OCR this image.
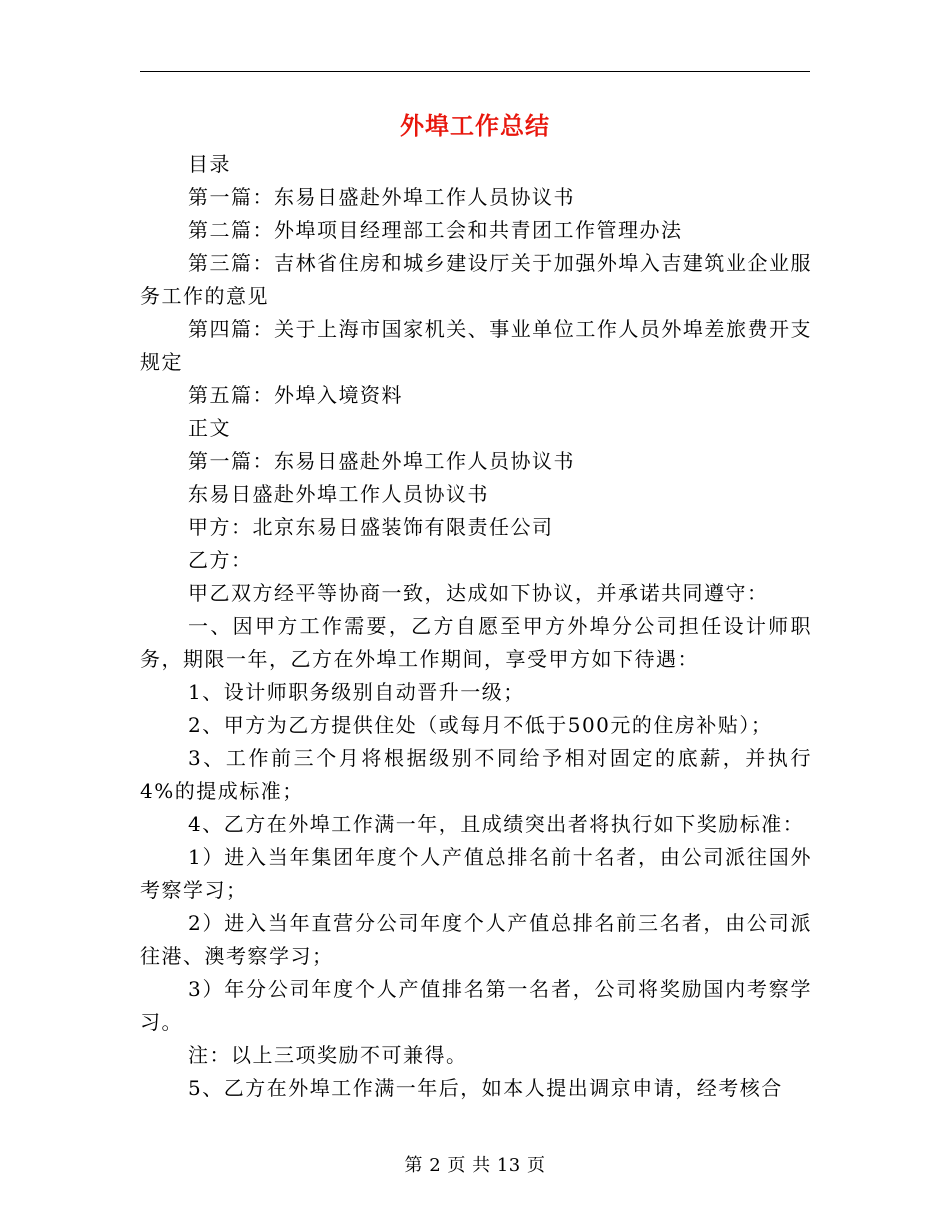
外埠工作总结

目录

第一篇：东易日盛赴外埠工作人员协议书

第二篇：外埠项目经理部工会和共青团工作管理办法

第三篇：吉林省住房和城乡建设厅关于加强外埠入吉建筑业企业服务工作的意见

第四篇：关于上海市国家机关、事业单位工作人员外埠差旅费开支规定

第五篇：外埠入境资料

正文

第一篇：东易日盛赴外埠工作人员协议书

东易日盛赴外埠工作人员协议书

甲方：北京东易日盛装饰有限责任公司

乙方：

甲乙双方经平等协商一致，达成如下协议，并承诺共同遵守：

一、因甲方工作需要，乙方自愿至甲方外埠分公司担任设计师职务，期限一年，乙方在外埠工作期间，享受甲方如下待遇：

1、设计师职务级别自动晋升一级；

2、甲方为乙方提供住处（或每月不低于500元的住房补贴）；

3、工作前三个月将根据级别不同给予相对固定的底薪，并执行4%的提成标准；

4、乙方在外埠工作满一年，且成绩突出者将执行如下奖励标准：

1）进入当年集团年度个人产值总排名前十名者，由公司派往国外考察学习；

2）进入当年直营分公司年度个人产值总排名前三名者，由公司派往港、澳考察学习；

3）年分公司年度个人产值排名第一名者，公司将奖励国内考察学习。

注：以上三项奖励不可兼得。

5、乙方在外埠工作满一年后，如本人提出调京申请，经考核合

第 2 页 共 13 页
